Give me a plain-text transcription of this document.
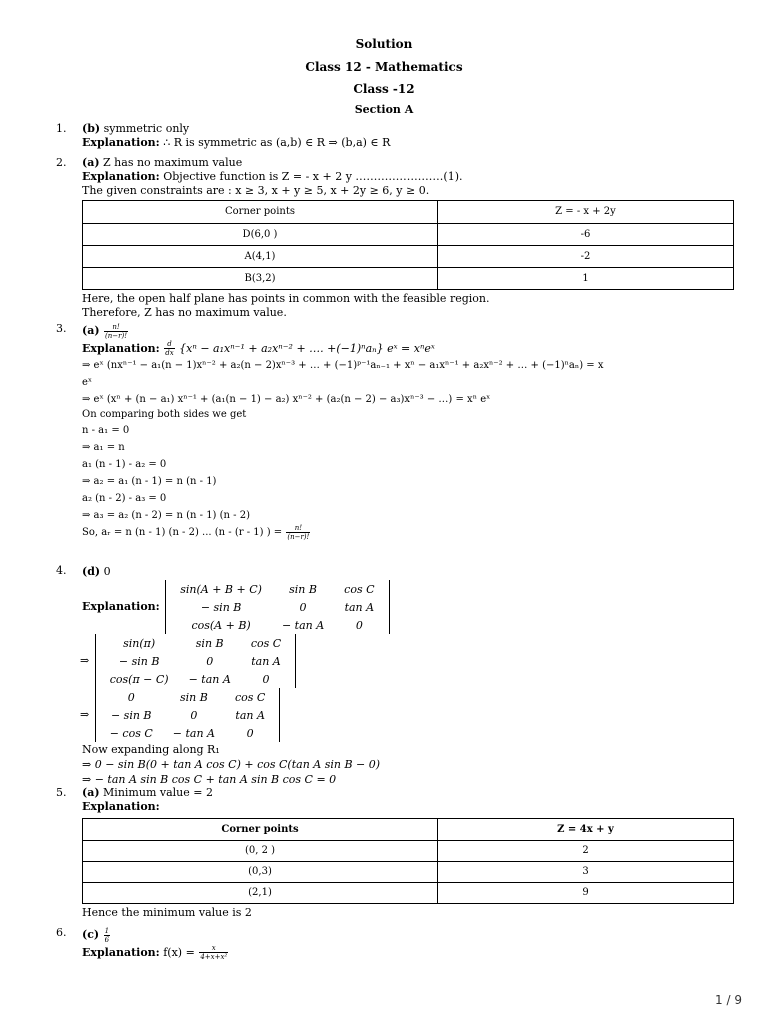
Solution
Class 12 - Mathematics
Class -12
Section A
1.	(b) symmetric only
Explanation: ∴ R is symmetric as (a,b) ∈ R ⇒ (b,a) ∈ R
2.	(a) Z has no maximum value
Explanation: Objective function is Z = - x + 2 y ……………………(1).
The given constraints are : x ≥ 3, x + y ≥ 5, x + 2y ≥ 6, y ≥ 0.
Corner points	Z = - x + 2y
D(6,0 )	-6
A(4,1)	-2
B(3,2)	1
Here, the open half plane has points in common with the feasible region.
Therefore, Z has no maximum value.
3.	$(a) \frac{n!}{(n-r)!}$
Explanation: $\frac{d}{dx} \{x^n - a_1x^{n-1} + a_2x^{n-2}$ + …. +(−1)ⁿaₙ} eˣ = xⁿeˣ
⇒ eˣ (nxⁿ⁻¹ − a₁(n − 1)xⁿ⁻² + a₂(n − 2)xⁿ⁻³ + … + (−1)ᵖ⁻¹aₙ₋₁ + xⁿ − a₁xⁿ⁻¹ + a₂xⁿ⁻² + … + (−1)ⁿaₙ) = x
eˣ
⇒ eˣ (xⁿ + (n − a₁) xⁿ⁻¹ + (a₁(n − 1) − a₂) xⁿ⁻² + (a₂(n − 2) − a₃)xⁿ⁻³ − …) = xⁿ eˣ
On comparing both sides we get
n - a₁ = 0
⇒ a₁ = n
a₁ (n - 1) - a₂ = 0
⇒ a₂ = a₁ (n - 1) = n (n - 1)
a₂ (n - 2) - a₃ = 0
⇒ a₃ = a₂ (n - 2) = n (n - 1) (n - 2)
So, aᵣ = n (n - 1) (n - 2) ... (n - (r - 1) ) = $\frac{n!}{(n-r)!}$
4.	(d) 0
Explanation:
sin(A + B + C)	sin B	cos C
− sin B	0	tan A
cos(A + B)	− tan A	0
⇒
sin(π)	sin B	cos C
− sin B	0	tan A
cos(π − C)	− tan A	0
⇒
0	sin B	cos C
− sin B	0	tan A
− cos C	− tan A	0
Now expanding along R₁
⇒ 0 − sin B(0 + tan A cos C) + cos C(tan A sin B − 0)
⇒ − tan A sin B cos C + tan A sin B cos C = 0
5.	(a) Minimum value = 2
Explanation:
Corner points	Z = 4x + y
(0, 2 )	2
(0,3)	3
(2,1)	9
Hence the minimum value is 2
6.	$(c) \frac{1}{6}$
Explanation: $f(x) = \frac{x}{\text{4+x+x²}}$
1 / 9
